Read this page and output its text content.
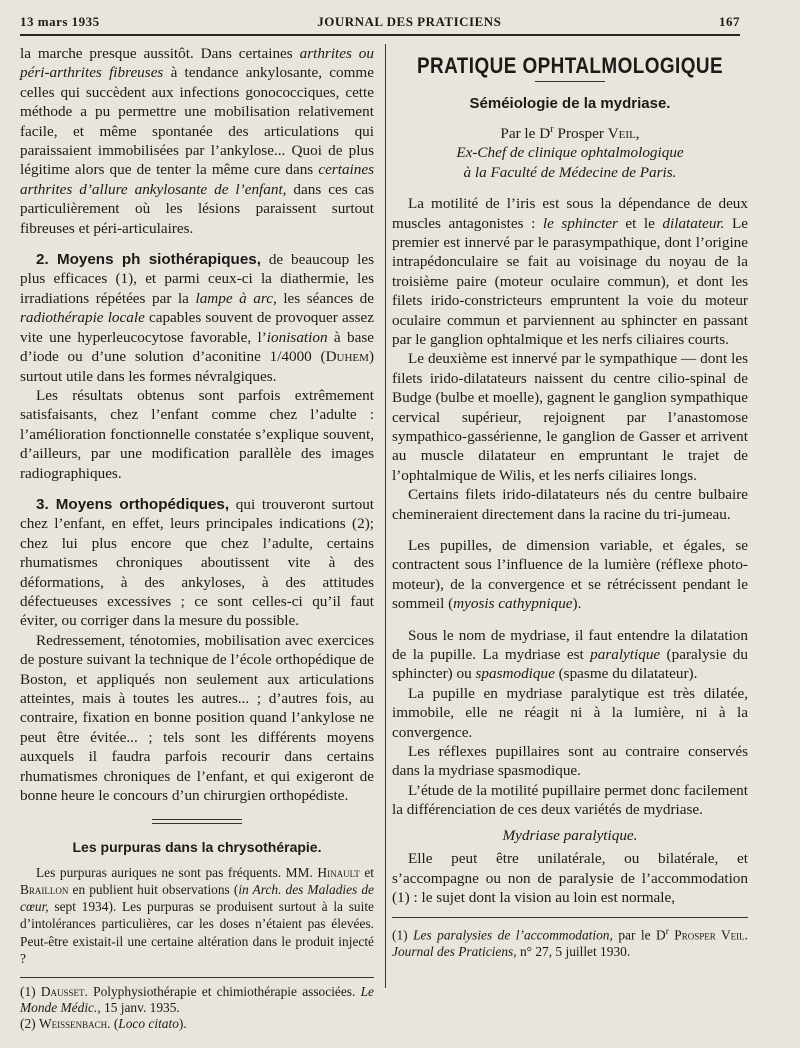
13 mars 1935	JOURNAL DES PRATICIENS	167

la marche presque aussitôt. Dans certaines arthrites ou péri-arthrites fibreuses à tendance ankylosante, comme celles qui succèdent aux infections gonococciques, cette méthode a pu permettre une mobilisation relativement facile, et même spontanée des articulations qui paraissaient immobilisées par l’ankylose... Quoi de plus légitime alors que de tenter la même cure dans certaines arthrites d’allure ankylosante de l’enfant, dans ces cas particulièrement où les lésions paraissent surtout fibreuses et péri-articulaires.

2. Moyens ph siothérapiques, de beaucoup les plus efficaces (1), et parmi ceux-ci la diathermie, les irradiations répétées par la lampe à arc, les séances de radiothérapie locale capables souvent de provoquer assez vite une hyperleucocytose favorable, l’ionisation à base d’iode ou d’une solution d’aconitine 1/4000 (Duhem) surtout utile dans les formes névralgiques.

Les résultats obtenus sont parfois extrêmement satisfaisants, chez l’enfant comme chez l’adulte : l’amélioration fonctionnelle constatée s’explique souvent, d’ailleurs, par une modification parallèle des images radiographiques.

3. Moyens orthopédiques, qui trouveront surtout chez l’enfant, en effet, leurs principales indications (2); chez lui plus encore que chez l’adulte, certains rhumatismes chroniques aboutissent vite à des déformations, à des ankyloses, à des attitudes défectueuses excessives ; ce sont celles-ci qu’il faut éviter, ou corriger dans la mesure du possible.

Redressement, ténotomies, mobilisation avec exercices de posture suivant la technique de l’école orthopédique de Boston, et appliqués non seulement aux articulations atteintes, mais à toutes les autres... ; d’autres fois, au contraire, fixation en bonne position quand l’ankylose ne peut être évitée... ; tels sont les différents moyens auxquels il faudra parfois recourir dans certains rhumatismes chroniques de l’enfant, et qui exigeront de bonne heure le concours d’un chirurgien orthopédiste.

Les purpuras dans la chrysothérapie.

Les purpuras auriques ne sont pas fréquents. MM. Hinault et Braillon en publient huit observations (in Arch. des Maladies de cœur, sept 1934). Les purpuras se produisent surtout à la suite d’intolérances particulières, car les doses n’étaient pas élevées. Peut-être existait-il une certaine altération dans le produit injecté ?

(1) Dausset. Polyphysiothérapie et chimiothérapie associées. Le Monde Médic., 15 janv. 1935.

(2) Weissenbach. (Loco citato).

PRATIQUE OPHTALMOLOGIQUE
Séméiologie de la mydriase.

Par le $D^r$ Prosper Veil,

Ex-Chef de clinique ophtalmologique

à la Faculté de Médecine de Paris.

La motilité de l’iris est sous la dépendance de deux muscles antagonistes : le sphincter et le dilatateur. Le premier est innervé par le parasympathique, dont l’origine intrapédonculaire se fait au voisinage du noyau de la troisième paire (moteur oculaire commun), et dont les filets irido-constricteurs empruntent la voie du moteur oculaire commun et parviennent au sphincter en passant par le ganglion ophtalmique et les nerfs ciliaires courts.

Le deuxième est innervé par le sympathique — dont les filets irido-dilatateurs naissent du centre cilio-spinal de Budge (bulbe et moelle), gagnent le ganglion sympathique cervical supérieur, rejoignent par l’anastomose sympathico-gassérienne, le ganglion de Gasser et arrivent au muscle dilatateur en empruntant le trajet de l’ophtalmique de Wilis, et les nerfs ciliaires longs.

Certains filets irido-dilatateurs nés du centre bulbaire chemineraient directement dans la racine du tri-jumeau.

Les pupilles, de dimension variable, et égales, se contractent sous l’influence de la lumière (réflexe photo-moteur), de la convergence et se rétrécissent pendant le sommeil (myosis cathypnique).

Sous le nom de mydriase, il faut entendre la dilatation de la pupille. La mydriase est paralytique (paralysie du sphincter) ou spasmodique (spasme du dilatateur).

La pupille en mydriase paralytique est très dilatée, immobile, elle ne réagit ni à la lumière, ni à la convergence.

Les réflexes pupillaires sont au contraire conservés dans la mydriase spasmodique.

L’étude de la motilité pupillaire permet donc facilement la différenciation de ces deux variétés de mydriase.

Mydriase paralytique.

Elle peut être unilatérale, ou bilatérale, et s’accompagne ou non de paralysie de l’accommodation (1) : le sujet dont la vision au loin est normale,

(1) Les paralysies de l’accommodation, par le $D^r$ Prosper Veil. Journal des Praticiens, n° 27, 5 juillet 1930.
